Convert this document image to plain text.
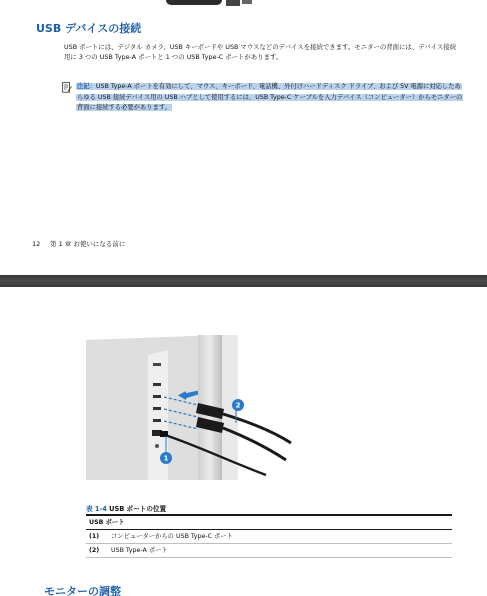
USB デバイスの接続

USB ポートには、デジタル カメラ、USB キーボードや USB マウスなどのデバイスを接続できます。モニターの背面には、デバイス接続用に 3 つの USB Type-A ポートと 1 つの USB Type-C ポートがあります。

注記：USB Type-A ポートを有効にして、マウス、キーボード、電話機、外付けハードディスク ドライブ、および 5V 電源に対応したあらゆる USB 接続デバイス用の USB ハブとして使用するには、USB Type-C ケーブルを入力デバイス（コンピューター）からモニターの背面に接続する必要があります。

12 第 1 章 お使いになる前に

2
1

表 1-4 USB ポートの位置

USB ポート
(1) コンピューターからの USB Type-C ポート
(2) USB Type-A ポート
モニターの調整
